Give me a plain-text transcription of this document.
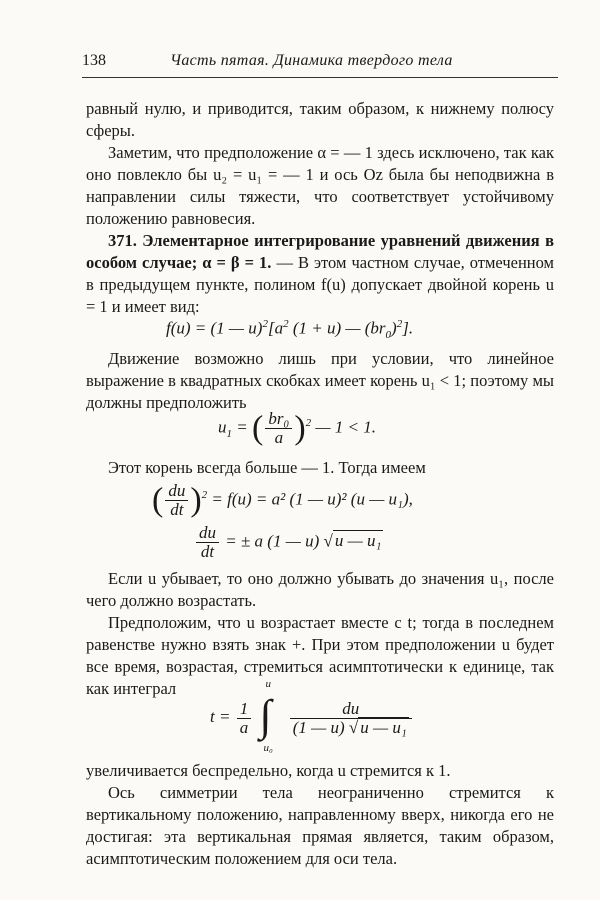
138	Часть пятая. Динамика твердого тела

равный нулю, и приводится, таким образом, к нижнему полюсу сферы.

Заметим, что предположение α = — 1 здесь исключено, так как оно повлекло бы u₂ = u₁ = — 1 и ось Oz была бы неподвижна в направлении силы тяжести, что соответствует устойчивому положению равновесия.

371. Элементарное интегрирование уравнений движения в особом случае; α = β = 1. — В этом частном случае, отмеченном в предыдущем пункте, полином f(u) допускает двойной корень u = 1 и имеет вид:

f(u) = (1 — $u)^2[a^2$ (1 + u) — $(br_0)^2$].

Движение возможно лишь при условии, что линейное выражение в квадратных скобках имеет корень u₁ < 1; поэтому мы должны предположить

$u_1$ = ( $\frac{\text{br₀}}{a} )^2$ — 1 < 1.

Этот корень всегда больше — 1. Тогда имеем

( $\frac{du}{dt} )^2 = f(u) = a^2$ (1 — u)² (u — u₁),
$\frac{du}{dt}$ = ± a (1 — u) √ u — u₁

Если u убывает, то оно должно убывать до значения u₁, после чего должно возрастать.

Предположим, что u возрастает вместе с t; тогда в последнем равенстве нужно взять знак +. При этом предположении u будет все время, возрастая, стремиться асимптотически к единице, так как интеграл

$t = \frac{1}{a}$

u
∫
u₀

$\frac{du}{\text{(1 — u) √ u — u₁}}$

увеличивается беспредельно, когда u стремится к 1.

Ось симметрии тела неограниченно стремится к вертикальному положению, направленному вверх, никогда его не достигая: эта вертикальная прямая является, таким образом, асимптотическим положением для оси тела.
